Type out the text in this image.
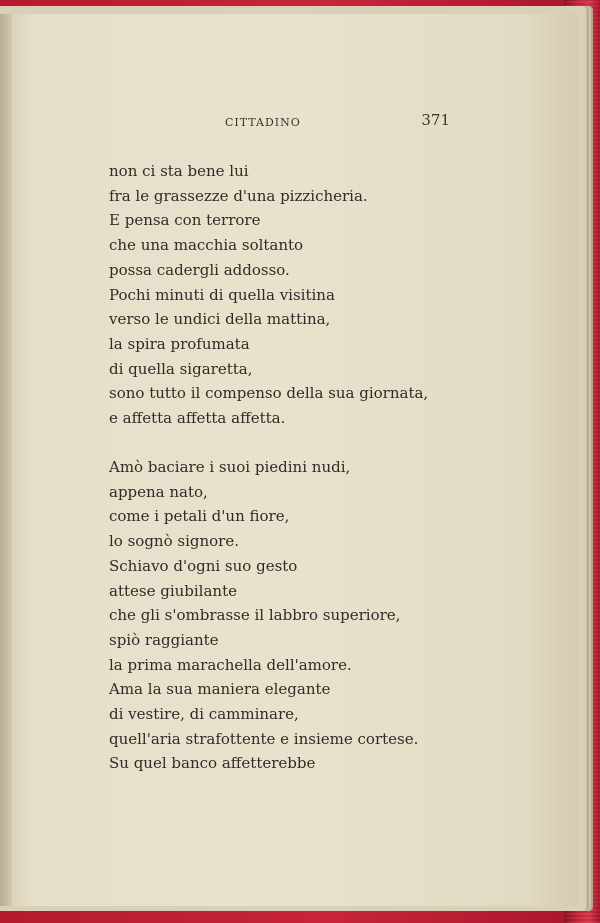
CITTADINO	371

non ci sta bene lui
fra le grassezze d'una pizzicheria.
E pensa con terrore
che una macchia soltanto
possa cadergli addosso.
Pochi minuti di quella visitina
verso le undici della mattina,
la spira profumata
di quella sigaretta,
sono tutto il compenso della sua giornata,
e affetta affetta affetta.

Amò baciare i suoi piedini nudi,
appena nato,
come i petali d'un fiore,
lo sognò signore.
Schiavo d'ogni suo gesto
attese giubilante
che gli s'ombrasse il labbro superiore,
spiò raggiante
la prima marachella dell'amore.
Ama la sua maniera elegante
di vestire, di camminare,
quell'aria strafottente e insieme cortese.
Su quel banco affetterebbe
